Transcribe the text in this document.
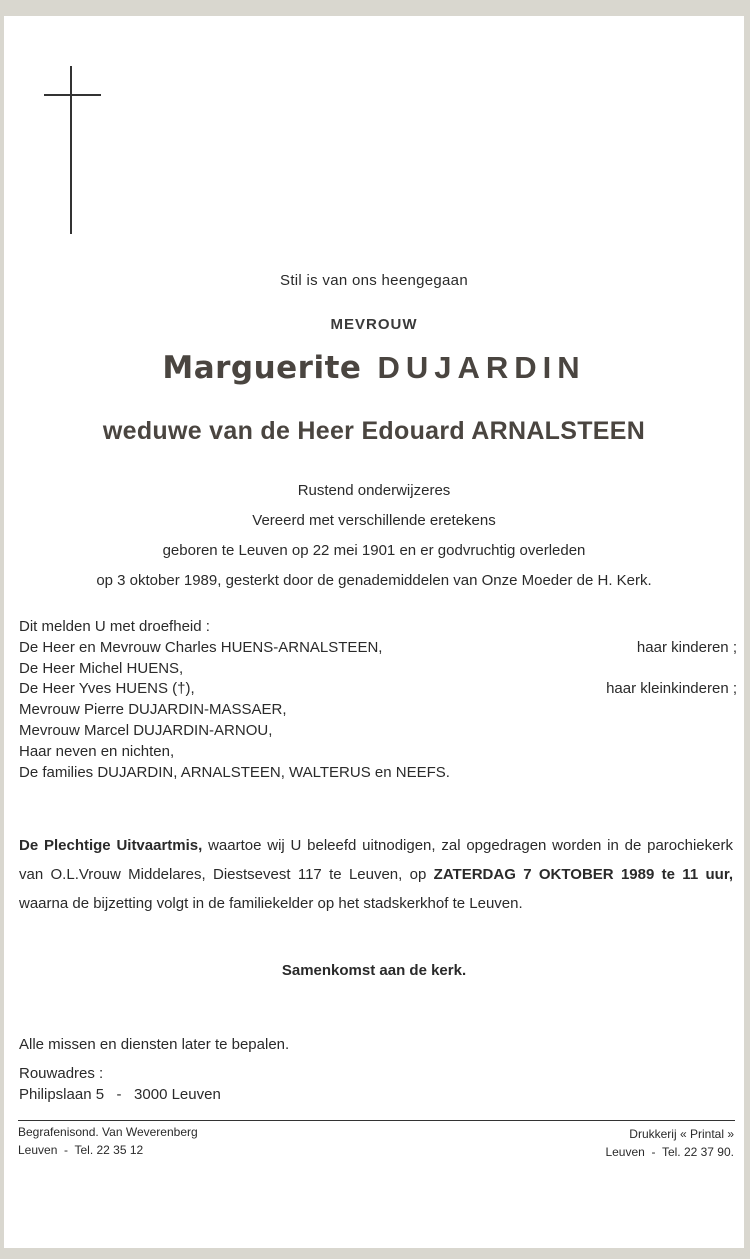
Stil is van ons heengegaan
MEVROUW
Marguerite DUJARDIN
weduwe van de Heer Edouard ARNALSTEEN
Rustend onderwijzeres
Vereerd met verschillende eretekens
geboren te Leuven op 22 mei 1901 en er godvruchtig overleden
op 3 oktober 1989, gesterkt door de genademiddelen van Onze Moeder de H. Kerk.
Dit melden U met droefheid :
De Heer en Mevrouw Charles HUENS-ARNALSTEEN,	haar kinderen ;
De Heer Michel HUENS,
De Heer Yves HUENS (†),	haar kleinkinderen ;
Mevrouw Pierre DUJARDIN-MASSAER,
Mevrouw Marcel DUJARDIN-ARNOU,
Haar neven en nichten,
De families DUJARDIN, ARNALSTEEN, WALTERUS en NEEFS.
De Plechtige Uitvaartmis, waartoe wij U beleefd uitnodigen, zal opgedragen worden in de parochiekerk van O.L.Vrouw Middelares, Diestsevest 117 te Leuven, op ZATERDAG 7 OKTOBER 1989 te 11 uur, waarna de bijzetting volgt in de familiekelder op het stadskerkhof te Leuven.
Samenkomst aan de kerk.
Alle missen en diensten later te bepalen.
Rouwadres :
Philipslaan 5   -   3000 Leuven
Begrafenisond. Van Weverenberg
Leuven  -  Tel. 22 35 12
Drukkerij « Printal »
Leuven  -  Tel. 22 37 90.
